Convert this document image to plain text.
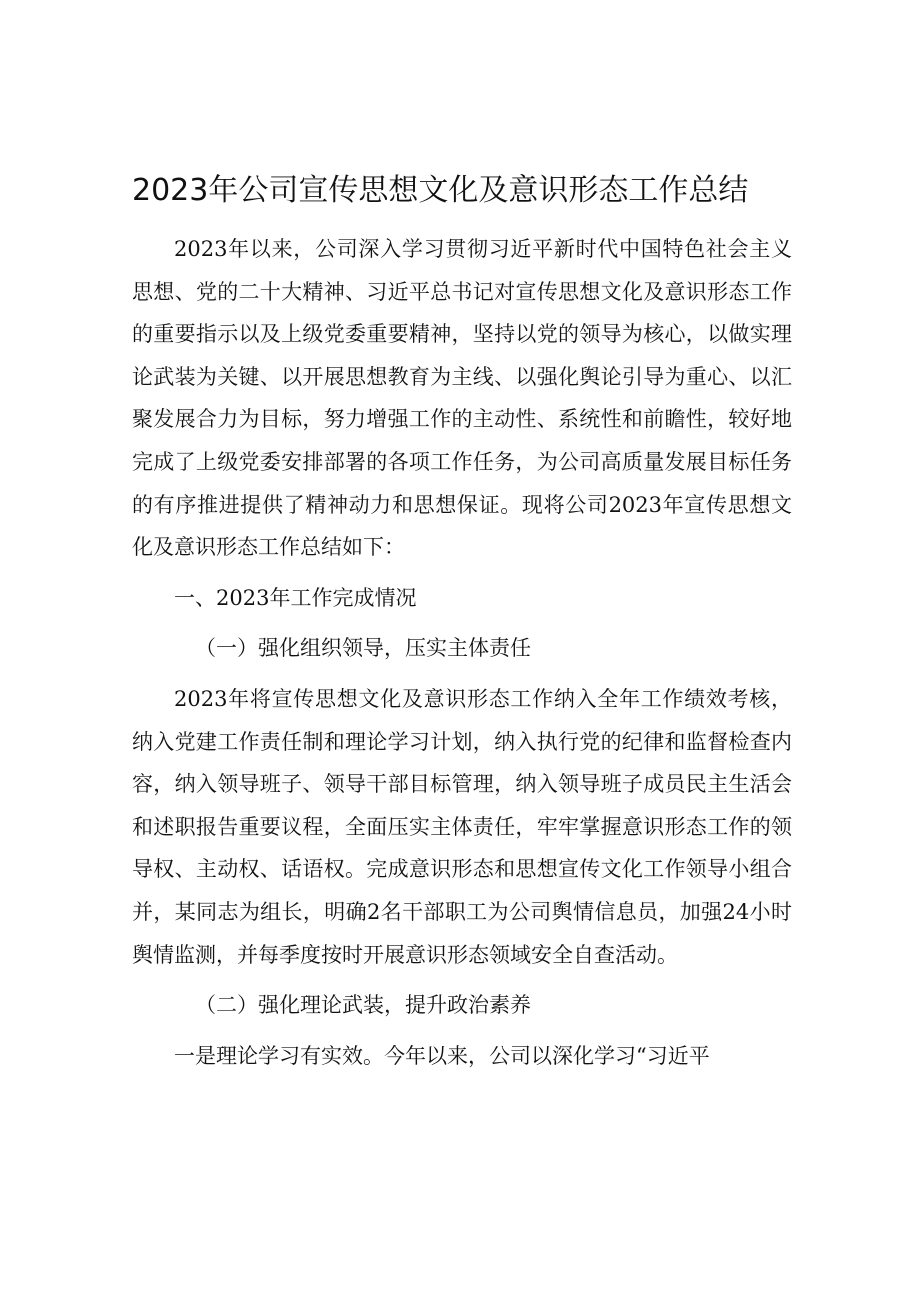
2023年公司宣传思想文化及意识形态工作总结

2023年以来，公司深入学习贯彻习近平新时代中国特色社会主义思想、党的二十大精神、习近平总书记对宣传思想文化及意识形态工作的重要指示以及上级党委重要精神，坚持以党的领导为核心，以做实理论武装为关键、以开展思想教育为主线、以强化舆论引导为重心、以汇聚发展合力为目标，努力增强工作的主动性、系统性和前瞻性，较好地完成了上级党委安排部署的各项工作任务，为公司高质量发展目标任务的有序推进提供了精神动力和思想保证。现将公司2023年宣传思想文化及意识形态工作总结如下：

一、2023年工作完成情况

（一）强化组织领导，压实主体责任

2023年将宣传思想文化及意识形态工作纳入全年工作绩效考核，纳入党建工作责任制和理论学习计划，纳入执行党的纪律和监督检查内容，纳入领导班子、领导干部目标管理，纳入领导班子成员民主生活会和述职报告重要议程，全面压实主体责任，牢牢掌握意识形态工作的领导权、主动权、话语权。完成意识形态和思想宣传文化工作领导小组合并，某同志为组长，明确2名干部职工为公司舆情信息员，加强24小时舆情监测，并每季度按时开展意识形态领域安全自查活动。

（二）强化理论武装，提升政治素养

一是理论学习有实效。今年以来，公司以深化学习“习近平
